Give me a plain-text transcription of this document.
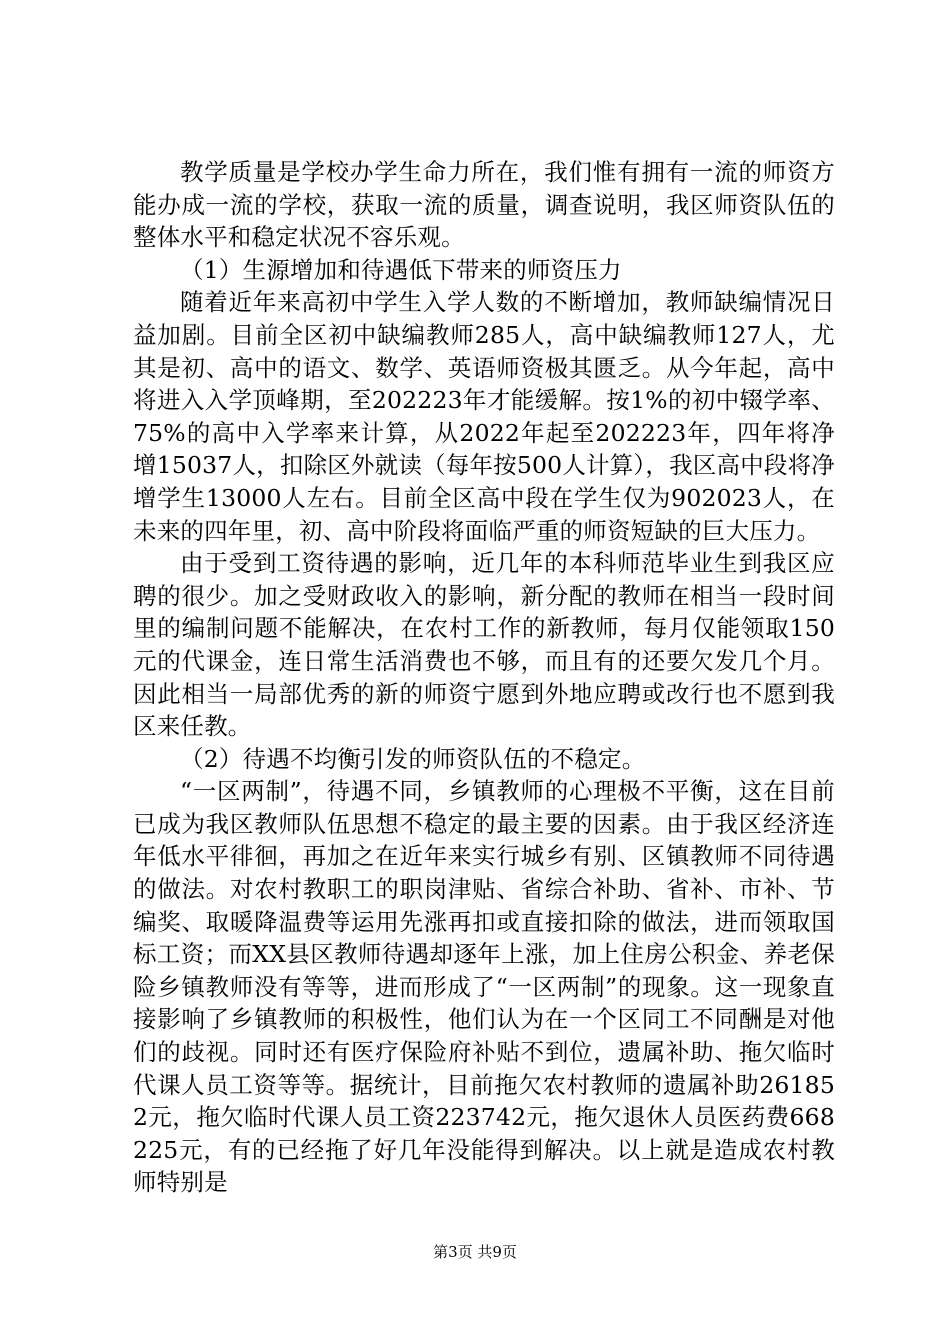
教学质量是学校办学生命力所在，我们惟有拥有一流的师资方能办成一流的学校，获取一流的质量，调查说明，我区师资队伍的整体水平和稳定状况不容乐观。

（1）生源增加和待遇低下带来的师资压力

随着近年来高初中学生入学人数的不断增加，教师缺编情况日益加剧。目前全区初中缺编教师285人，高中缺编教师127人，尤其是初、高中的语文、数学、英语师资极其匮乏。从今年起，高中将进入入学顶峰期，至202223年才能缓解。按1%的初中辍学率、75%的高中入学率来计算，从2022年起至202223年，四年将净增15037人，扣除区外就读（每年按500人计算），我区高中段将净增学生13000人左右。目前全区高中段在学生仅为902023人，在未来的四年里，初、高中阶段将面临严重的师资短缺的巨大压力。

由于受到工资待遇的影响，近几年的本科师范毕业生到我区应聘的很少。加之受财政收入的影响，新分配的教师在相当一段时间里的编制问题不能解决，在农村工作的新教师，每月仅能领取150元的代课金，连日常生活消费也不够，而且有的还要欠发几个月。因此相当一局部优秀的新的师资宁愿到外地应聘或改行也不愿到我区来任教。

（2）待遇不均衡引发的师资队伍的不稳定。

“一区两制”，待遇不同，乡镇教师的心理极不平衡，这在目前已成为我区教师队伍思想不稳定的最主要的因素。由于我区经济连年低水平徘徊，再加之在近年来实行城乡有别、区镇教师不同待遇的做法。对农村教职工的职岗津贴、省综合补助、省补、市补、节编奖、取暖降温费等运用先涨再扣或直接扣除的做法，进而领取国标工资；而XX县区教师待遇却逐年上涨，加上住房公积金、养老保险乡镇教师没有等等，进而形成了“一区两制”的现象。这一现象直接影响了乡镇教师的积极性，他们认为在一个区同工不同酬是对他们的歧视。同时还有医疗保险府补贴不到位，遗属补助、拖欠临时代课人员工资等等。据统计，目前拖欠农村教师的遗属补助261852元，拖欠临时代课人员工资223742元，拖欠退休人员医药费668225元，有的已经拖了好几年没能得到解决。以上就是造成农村教师特别是

第3页 共9页
